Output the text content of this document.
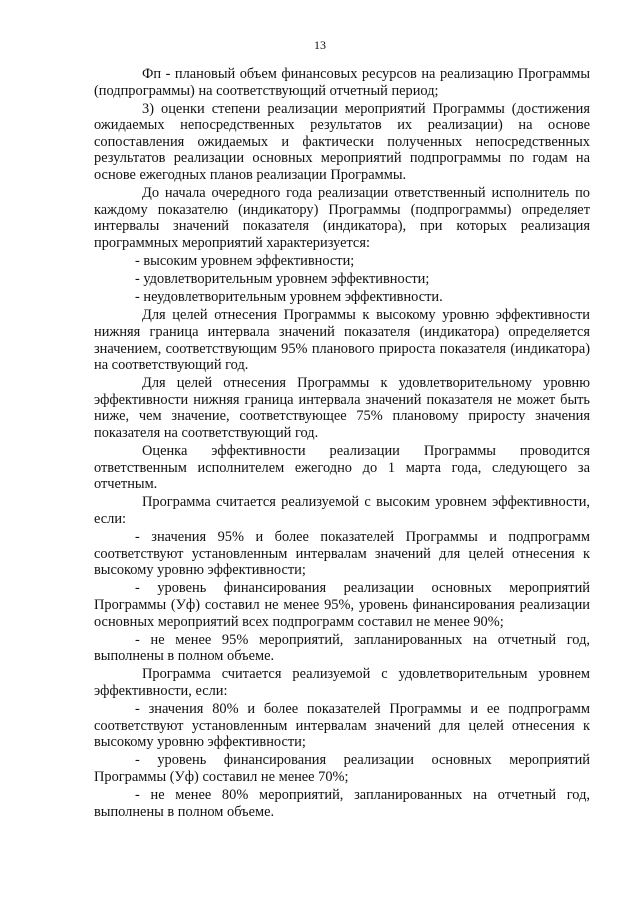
13

Фп - плановый объем финансовых ресурсов на реализацию Программы (подпрограммы) на соответствующий отчетный период;

3) оценки степени реализации мероприятий Программы (достижения ожидаемых непосредственных результатов их реализации) на основе сопоставления ожидаемых и фактически полученных непосредственных результатов реализации основных мероприятий подпрограммы по годам на основе ежегодных планов реализации Программы.

До начала очередного года реализации ответственный исполнитель по каждому показателю (индикатору) Программы (подпрограммы) определяет интервалы значений показателя (индикатора), при которых реализация программных мероприятий характеризуется:

- высоким уровнем эффективности;

- удовлетворительным уровнем эффективности;

- неудовлетворительным уровнем эффективности.

Для целей отнесения Программы к высокому уровню эффективности нижняя граница интервала значений показателя (индикатора) определяется значением, соответствующим 95% планового прироста показателя (индикатора) на соответствующий год.

Для целей отнесения Программы к удовлетворительному уровню эффективности нижняя граница интервала значений показателя не может быть ниже, чем значение, соответствующее 75% плановому приросту значения показателя на соответствующий год.

Оценка эффективности реализации Программы проводится ответственным исполнителем ежегодно до 1 марта года, следующего за отчетным.

Программа считается реализуемой с высоким уровнем эффективности, если:

- значения 95% и более показателей Программы и подпрограмм соответствуют установленным интервалам значений для целей отнесения к высокому уровню эффективности;

- уровень финансирования реализации основных мероприятий Программы (Уф) составил не менее 95%, уровень финансирования реализации основных мероприятий всех подпрограмм составил не менее 90%;

- не менее 95% мероприятий, запланированных на отчетный год, выполнены в полном объеме.

Программа считается реализуемой с удовлетворительным уровнем эффективности, если:

- значения 80% и более показателей Программы и ее подпрограмм соответствуют установленным интервалам значений для целей отнесения к высокому уровню эффективности;

- уровень финансирования реализации основных мероприятий Программы (Уф) составил не менее 70%;

- не менее 80% мероприятий, запланированных на отчетный год, выполнены в полном объеме.
